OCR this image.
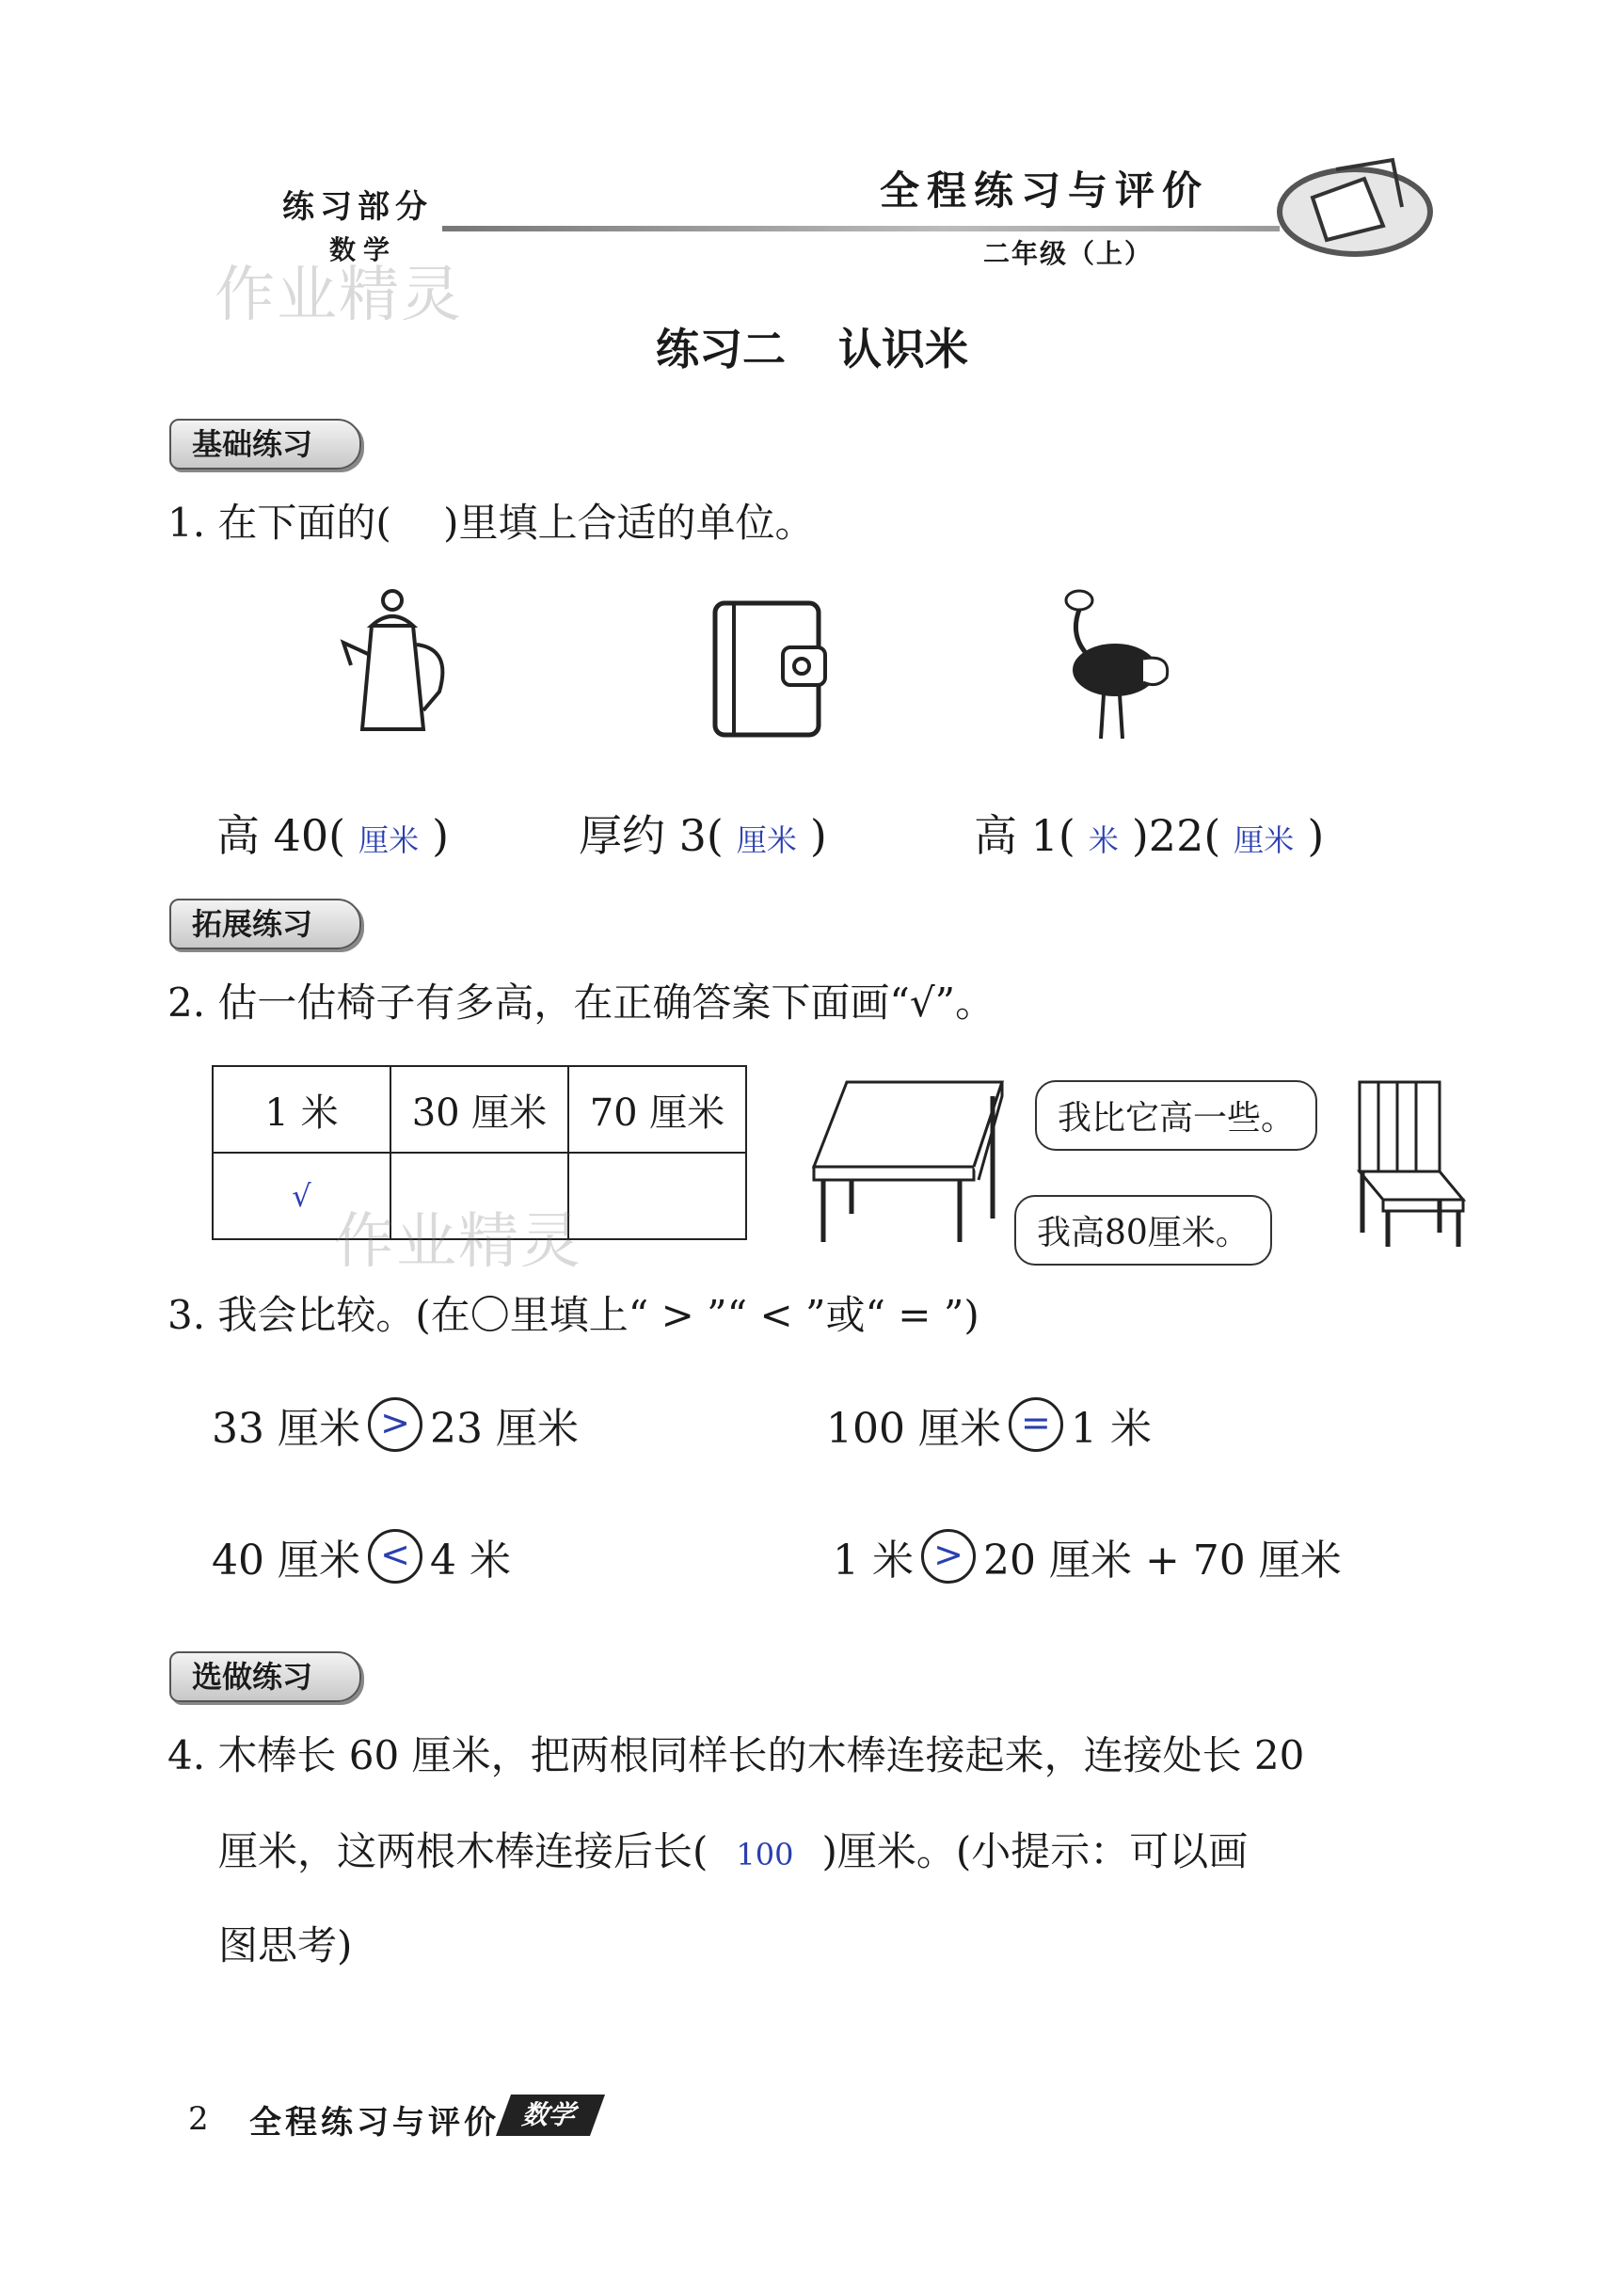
练习部分
数学
全程练习与评价
二年级（上）
作业精灵
练习二 认识米
基础练习
1. 在下面的(　 )里填上合适的单位。
高 40( 厘米 )	厚约 3( 厘米 )	高 1( 米 )22( 厘米 )
拓展练习
2. 估一估椅子有多高，在正确答案下面画“√”。
1 米	30 厘米	70 厘米
√		
作业精灵
我比它高一些。
我高80厘米。
3. 我会比较。(在〇里填上“ > ”“ < ”或“ = ”)
33 厘米 > 23 厘米	100 厘米 = 1 米
40 厘米 < 4 米	1 米 > 20 厘米 + 70 厘米
选做练习
4. 木棒长 60 厘米，把两根同样长的木棒连接起来，连接处长 20
厘米，这两根木棒连接后长( 100 )厘米。(小提示：可以画
图思考)
2 全程练习与评价 数学
